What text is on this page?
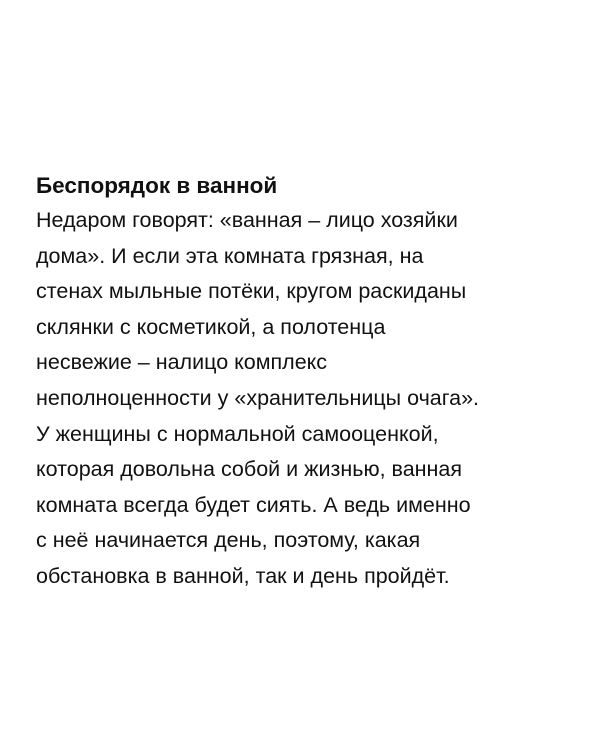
Беспорядок в ванной

Недаром говорят: «ванная – лицо хозяйки

дома». И если эта комната грязная, на

стенах мыльные потёки, кругом раскиданы

склянки с косметикой, а полотенца

несвежие – налицо комплекс

неполноценности у «хранительницы очага».

У женщины с нормальной самооценкой,

которая довольна собой и жизнью, ванная

комната всегда будет сиять. А ведь именно

с неё начинается день, поэтому, какая

обстановка в ванной, так и день пройдёт.
